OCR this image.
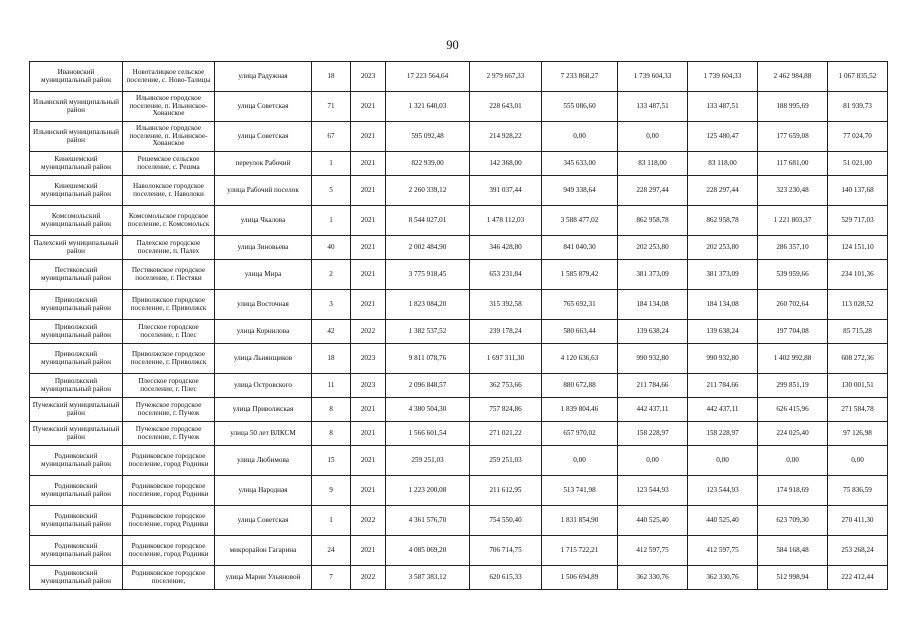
90
Ивановский муниципальный район	Новоталицкое сельское поселение, с. Ново-Талицы	улица Радужная	18	2023	17 223 564,64	2 979 667,33	7 233 868,27	1 739 604,33	1 739 604,33	2 462 984,88	1 067 835,52
Ильинский муниципальный район	Ильинское городское поселение, п. Ильинское-Хованское	улица Советская	71	2021	1 321 640,03	228 643,01	555 086,60	133 487,51	133 487,51	188 995,69	81 939,73
Ильинский муниципальный район	Ильинское городское поселение, п. Ильинское-Хованское	улица Советская	67	2021	595 092,48	214 928,22	0,00	0,00	125 480,47	177 659,08	77 024,70
Кинешемский муниципальный район	Решемское сельское поселение, с. Решма	переулок Рабочий	1	2021	822 939,00	142 368,00	345 633,00	83 118,00	83 118,00	117 681,00	51 021,00
Кинешемский муниципальный район	Наволокское городское поселение, г. Наволоки	улица Рабочий поселок	5	2021	2 260 339,12	391 037,44	949 338,64	228 297,44	228 297,44	323 230,48	140 137,68
Комсомольский муниципальный район	Комсомольское городское поселение, г. Комсомольск	улица Чкалова	1	2021	8 544 027,01	1 478 112,03	3 588 477,02	862 958,78	862 958,78	1 221 803,37	529 717,03
Палехский муниципальный район	Палехское городское поселение, п. Палех	улица Зиновьева	40	2021	2 002 484,90	346 428,80	841 040,30	202 253,80	202 253,80	286 357,10	124 151,10
Пестяковский муниципальный район	Пестяковское городское поселение, г. Пестяки	улица Мира	2	2021	3 775 918,45	653 231,84	1 585 879,42	381 373,09	381 373,09	539 959,66	234 101,36
Приволжский муниципальный район	Приволжское городское поселение, г. Приволжск	улица Восточная	3	2021	1 823 084,20	315 392,58	765 692,31	184 134,08	184 134,08	260 702,64	113 028,52
Приволжский муниципальный район	Плесское городское поселение, г. Плес	улица Корнилова	42	2022	1 382 537,52	239 178,24	580 663,44	139 638,24	139 638,24	197 704,08	85 715,28
Приволжский муниципальный район	Приволжское городское поселение, г. Приволжск	улица Льнянщиков	18	2023	9 811 078,76	1 697 311,30	4 120 636,63	990 932,80	990 932,80	1 402 992,88	608 272,36
Приволжский муниципальный район	Плесское городское поселение, г. Плес	улица Островского	11	2023	2 096 848,57	362 753,66	880 672,88	211 784,66	211 784,66	299 851,19	130 001,51
Пучежский муниципальный район	Пучежское городское поселение, г. Пучеж	улица Приволжская	8	2021	4 380 504,30	757 824,86	1 839 804,46	442 437,11	442 437,11	626 415,96	271 584,78
Пучежский муниципальный район	Пучежское городское поселение, г. Пучеж	улица 50 лет ВЛКСМ	8	2021	1 566 601,54	271 021,22	657 970,02	158 228,97	158 228,97	224 025,40	97 126,98
Родниковский муниципальный район	Родниковское городское поселение, город Родники	улица Любимова	15	2021	259 251,03	259 251,03	0,00	0,00	0,00	0,00	0,00
Родниковский муниципальный район	Родниковское городское поселение, город Родники	улица Народная	9	2021	1 223 200,08	211 612,95	513 741,98	123 544,93	123 544,93	174 918,69	75 836,59
Родниковский муниципальный район	Родниковское городское поселение, город Родники	улица Советская	1	2022	4 361 576,70	754 550,40	1 831 854,90	440 525,40	440 525,40	623 709,30	270 411,30
Родниковский муниципальный район	Родниковское городское поселение, город Родники	микрорайон Гагарина	24	2021	4 085 069,20	706 714,75	1 715 722,21	412 597,75	412 597,75	584 168,48	253 268,24
Родниковский муниципальный район	Родниковское городское поселение,	улица Марии Ульяновой	7	2022	3 587 383,12	620 615,33	1 506 694,89	362 330,76	362 330,76	512 998,94	222 412,44
